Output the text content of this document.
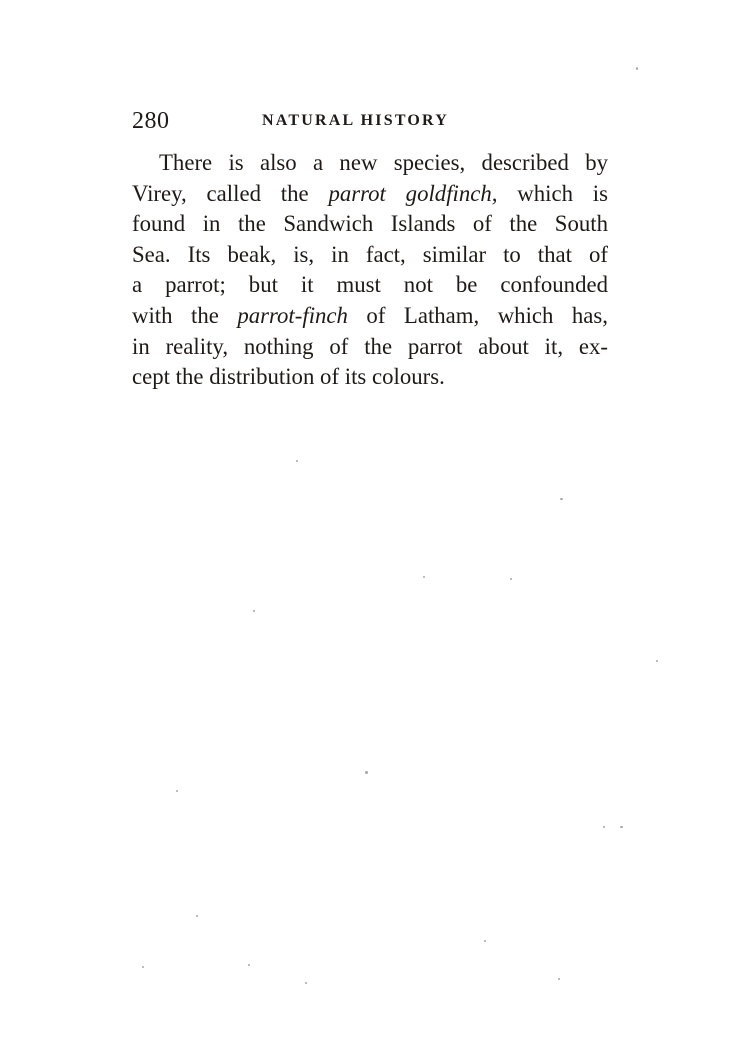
280	NATURAL HISTORY
There is also a new species, described by
Virey, called the parrot goldfinch, which is
found in the Sandwich Islands of the South
Sea. Its beak, is, in fact, similar to that of
a parrot; but it must not be confounded
with the parrot-finch of Latham, which has,
in reality, nothing of the parrot about it, ex-
cept the distribution of its colours.
